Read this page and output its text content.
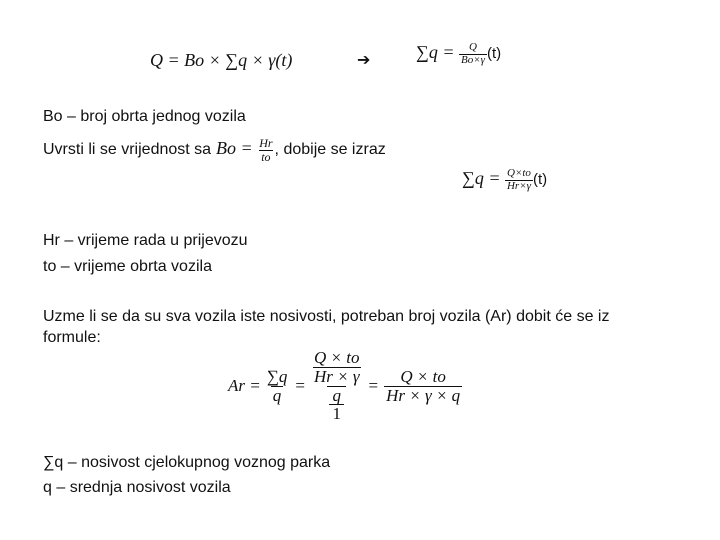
Q = Bo × ∑q × γ(t)	➔	$\sum q = \frac{Q}{Bo\times\gamma} (t)$
Bo – broj obrta jednog vozila
Uvrsti li se vrijednost sa $Bo = \frac{Hr}{to}$ , dobije se izraz
$\sum q = \frac{Q\times to}{Hr\times\gamma} (t)$
Hr – vrijeme rada u prijevozu
to – vrijeme obrta vozila
Uzme li se da su sva vozila iste nosivosti, potreban broj vozila (Ar) dobit će se iz
formule:
$Ar = \frac{\sum q}{q} = \frac{\frac{Q \times to}{Hr \times \gamma}}{\frac{q}{1}} = \frac{Q \times to}{Hr \times \gamma \times q}$
∑q – nosivost cjelokupnog voznog parka
q – srednja nosivost vozila
